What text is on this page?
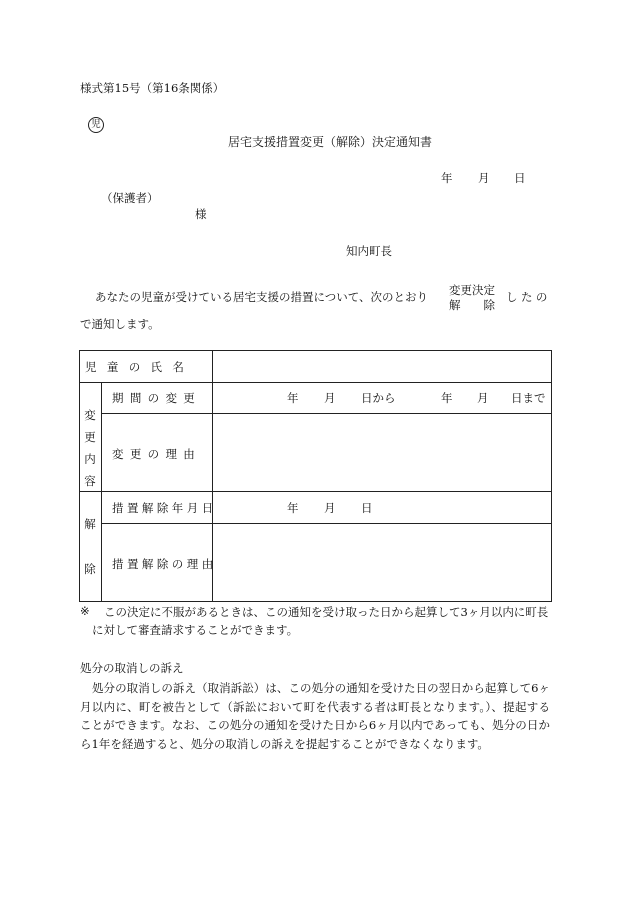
様式第15号（第16条関係）
児
居宅支援措置変更（解除）決定通知書
年 月 日
（保護者）
様
知内町長
あなたの児童が受けている居宅支援の措置について、次のとおり 変更決定
解　　除
したの
で通知します。
児童の氏名
変
更
内
容
期間の変更	年 月 日から	年 月 日まで
変更の理由
解
除
措置解除年月日	年 月 日
措置解除の理由
※ この決定に不服があるときは、この通知を受け取った日から起算して3ヶ月以内に町長
に対して審査請求することができます。
処分の取消しの訴え
処分の取消しの訴え（取消訴訟）は、この処分の通知を受けた日の翌日から起算して6ヶ月以内に、町を被告として（訴訟において町を代表する者は町長となります。）、提起することができます。なお、この処分の通知を受けた日から6ヶ月以内であっても、処分の日から1年を経過すると、処分の取消しの訴えを提起することができなくなります。
